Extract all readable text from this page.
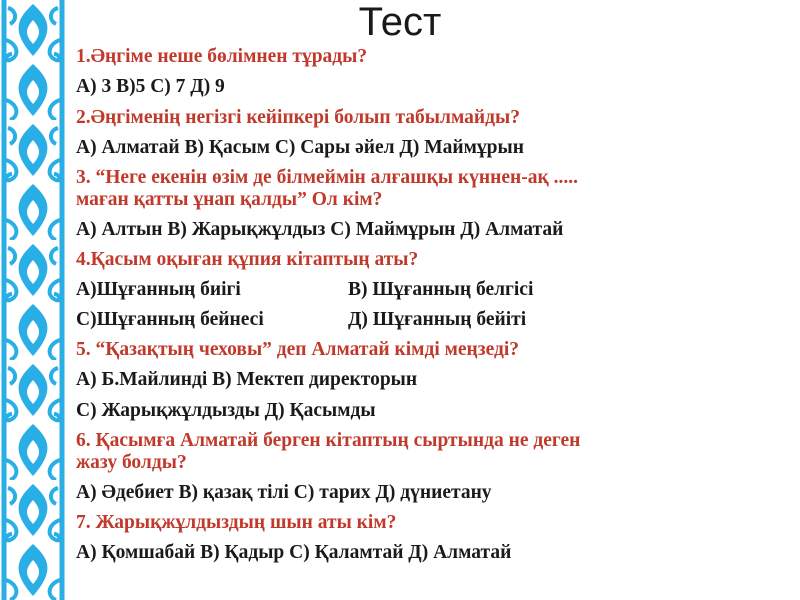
Тест
1.Әңгіме неше бөлімнен тұрады?
А) 3 В)5 С) 7 Д) 9
2.Әңгіменің негізгі кейіпкері болып табылмайды?
А) Алматай В) Қасым С) Сары әйел Д) Маймұрын
3. “Неге екенін өзім де білмеймін алғашқы күннен-ақ .....
маған қатты ұнап қалды” Ол кім?
А) Алтын В) Жарықжұлдыз С) Маймұрын Д) Алматай
4.Қасым оқыған құпия кітаптың аты?
А)Шұғанның биігі	В) Шұғанның белгісі
С)Шұғанның бейнесі	Д) Шұғанның бейіті
5. “Қазақтың чеховы” деп Алматай кімді меңзеді?
А) Б.Майлинді В) Мектеп директорын
С) Жарықжұлдызды Д) Қасымды
6. Қасымға Алматай берген кітаптың сыртында не деген
жазу болды?
А) Әдебиет В) қазақ тілі С) тарих Д) дүниетану
7. Жарықжұлдыздың шын аты кім?
А) Қомшабай В) Қадыр С) Қаламтай Д) Алматай
